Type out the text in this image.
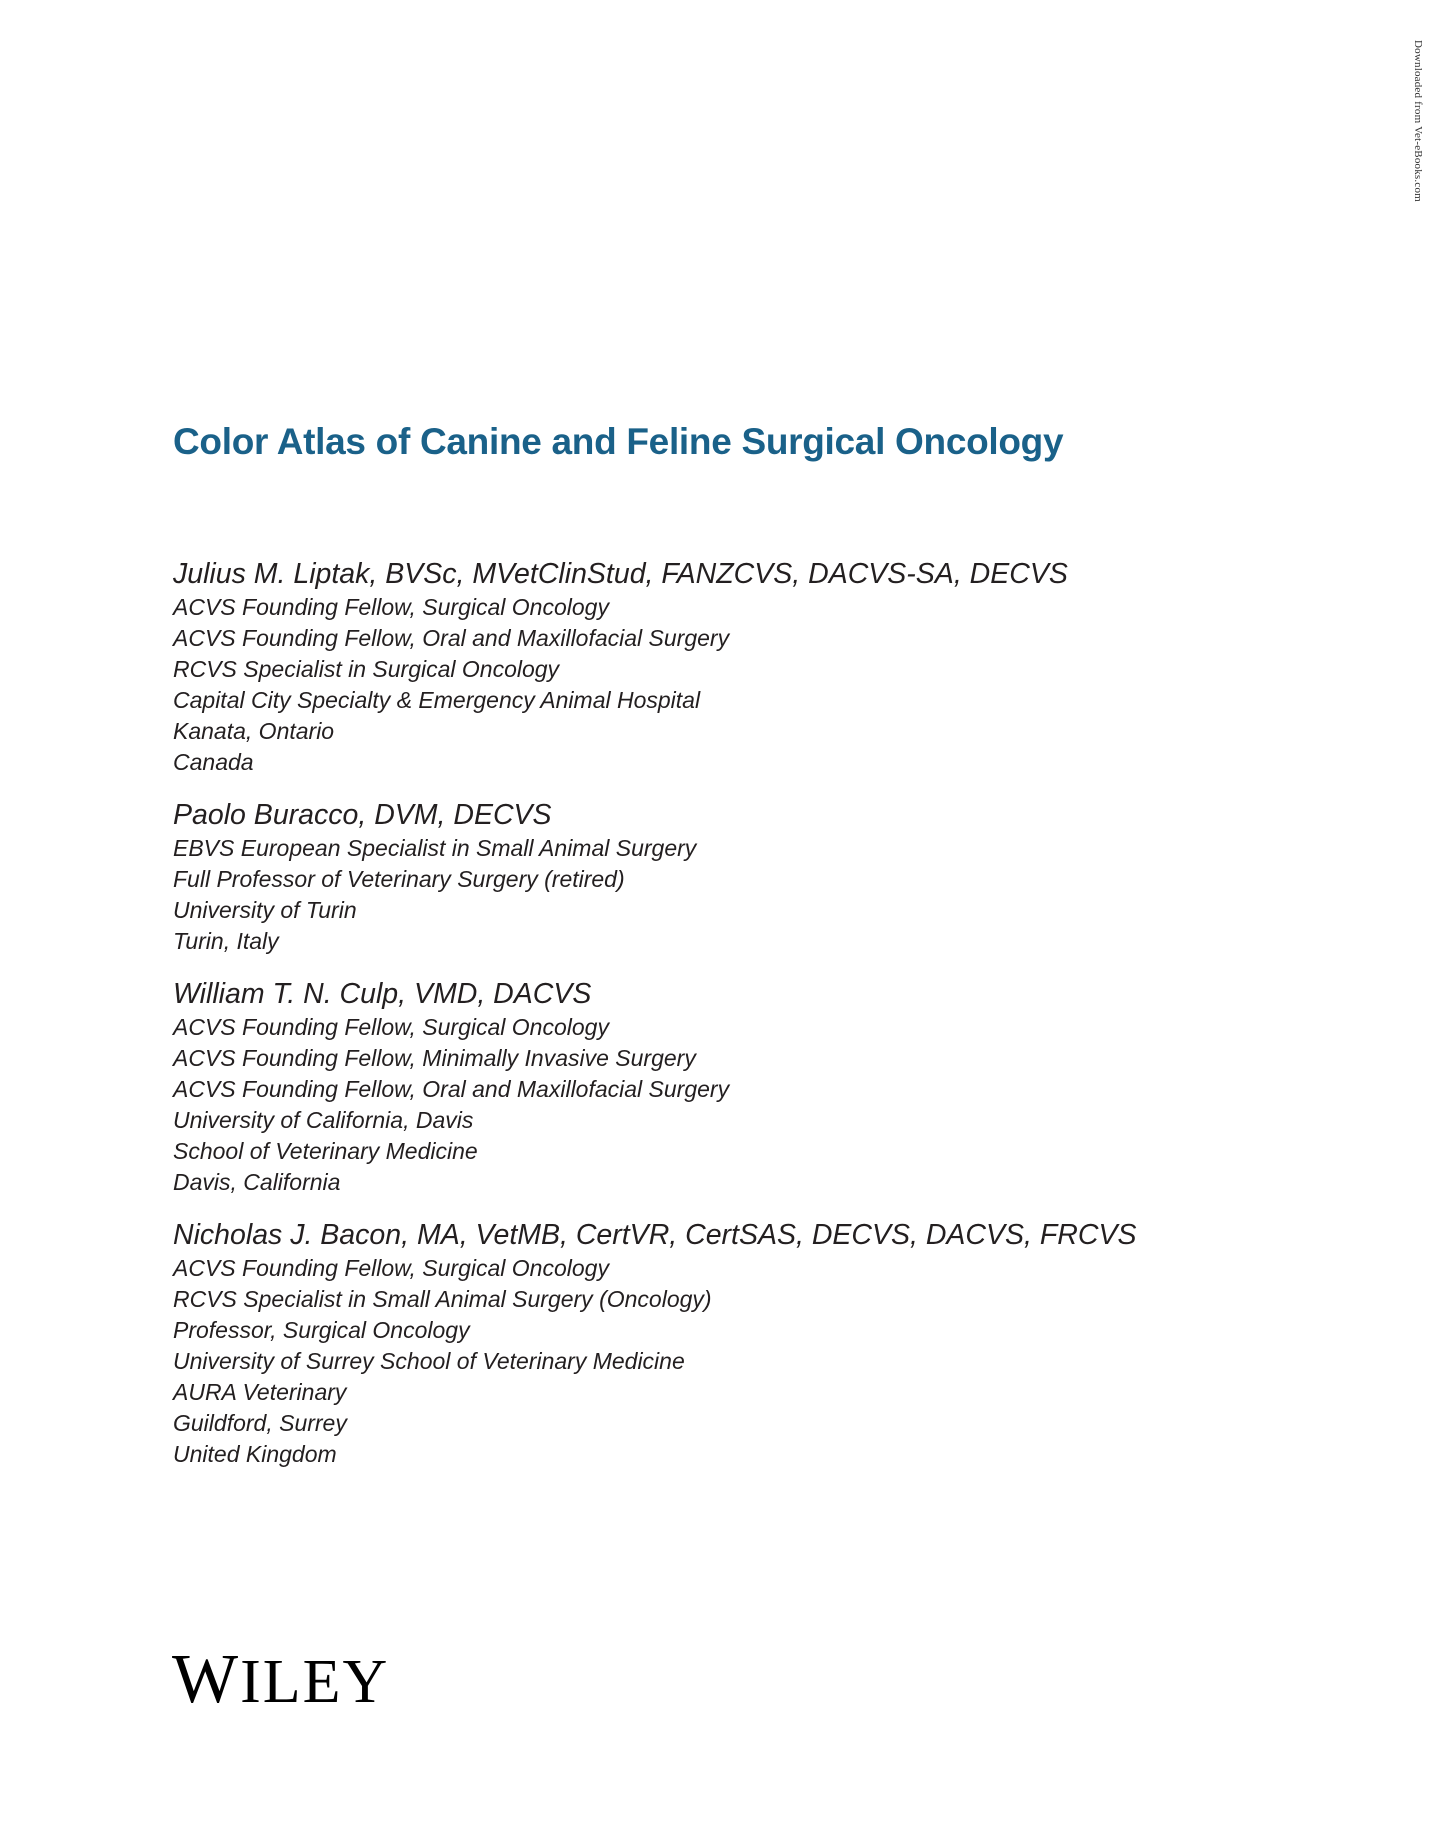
Downloaded from Vet-eBooks.com
Color Atlas of Canine and Feline Surgical Oncology
Julius M. Liptak, BVSc, MVetClinStud, FANZCVS, DACVS-SA, DECVS
ACVS Founding Fellow, Surgical Oncology
ACVS Founding Fellow, Oral and Maxillofacial Surgery
RCVS Specialist in Surgical Oncology
Capital City Specialty & Emergency Animal Hospital
Kanata, Ontario
Canada
Paolo Buracco, DVM, DECVS
EBVS European Specialist in Small Animal Surgery
Full Professor of Veterinary Surgery (retired)
University of Turin
Turin, Italy
William T. N. Culp, VMD, DACVS
ACVS Founding Fellow, Surgical Oncology
ACVS Founding Fellow, Minimally Invasive Surgery
ACVS Founding Fellow, Oral and Maxillofacial Surgery
University of California, Davis
School of Veterinary Medicine
Davis, California
Nicholas J. Bacon, MA, VetMB, CertVR, CertSAS, DECVS, DACVS, FRCVS
ACVS Founding Fellow, Surgical Oncology
RCVS Specialist in Small Animal Surgery (Oncology)
Professor, Surgical Oncology
University of Surrey School of Veterinary Medicine
AURA Veterinary
Guildford, Surrey
United Kingdom
WILEY
